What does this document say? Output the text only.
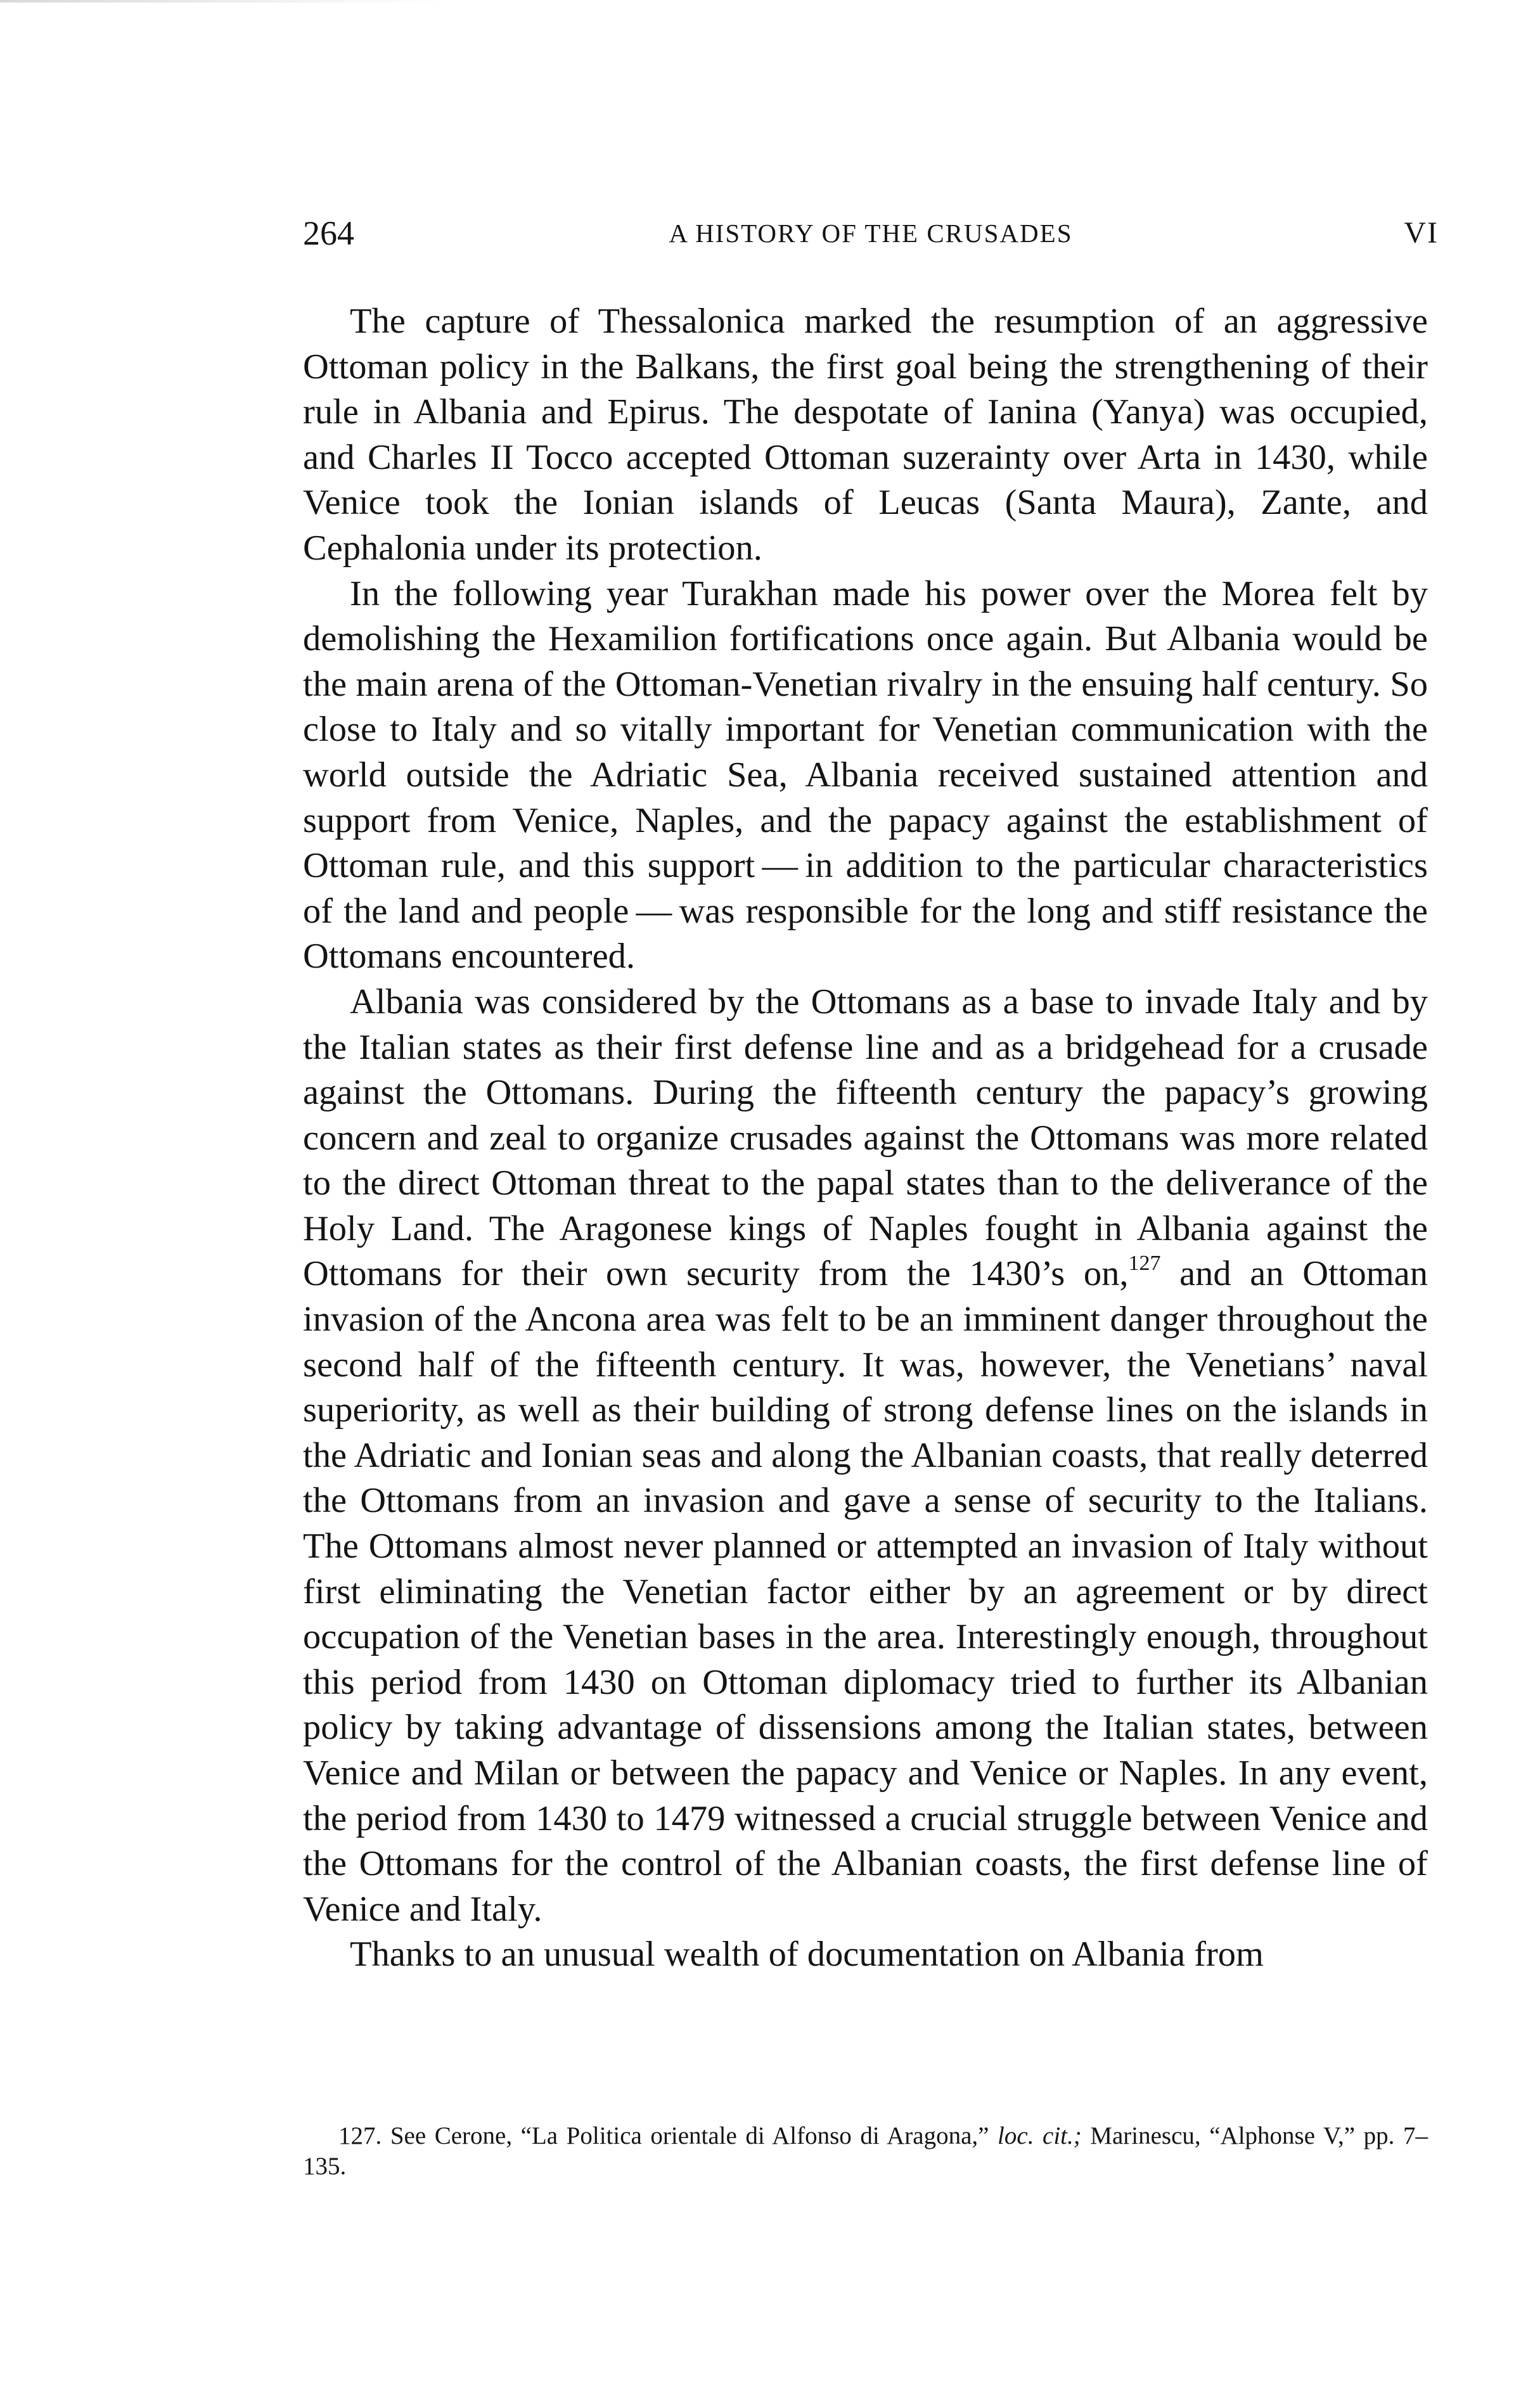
264	A HISTORY OF THE CRUSADES	VI

The capture of Thessalonica marked the resumption of an aggressive Ottoman policy in the Balkans, the first goal being the strengthening of their rule in Albania and Epirus. The despotate of Ianina (Yanya) was occupied, and Charles II Tocco accepted Ottoman suzerainty over Arta in 1430, while Venice took the Ionian islands of Leucas (Santa Maura), Zante, and Cephalonia under its protection.

In the following year Turakhan made his power over the Morea felt by demolishing the Hexamilion fortifications once again. But Albania would be the main arena of the Ottoman-Venetian rivalry in the ensuing half century. So close to Italy and so vitally important for Venetian communication with the world outside the Adriatic Sea, Albania received sustained attention and support from Venice, Naples, and the papacy against the establishment of Ottoman rule, and this support — in addition to the particular characteristics of the land and people — was responsible for the long and stiff resistance the Ottomans encountered.

Albania was considered by the Ottomans as a base to invade Italy and by the Italian states as their first defense line and as a bridgehead for a crusade against the Ottomans. During the fifteenth century the papacy’s growing concern and zeal to organize crusades against the Ottomans was more related to the direct Ottoman threat to the papal states than to the deliverance of the Holy Land. The Aragonese kings of Naples fought in Albania against the Ottomans for their own security from the 1430’s on,$^{127}$ and an Ottoman invasion of the Ancona area was felt to be an imminent danger throughout the second half of the fifteenth century. It was, however, the Venetians’ naval superiority, as well as their building of strong defense lines on the islands in the Adriatic and Ionian seas and along the Albanian coasts, that really deterred the Ottomans from an invasion and gave a sense of security to the Italians. The Ottomans almost never planned or attempted an invasion of Italy without first eliminating the Venetian factor either by an agreement or by direct occupation of the Venetian bases in the area. Interestingly enough, throughout this period from 1430 on Ottoman diplomacy tried to further its Albanian policy by taking advantage of dissensions among the Italian states, between Venice and Milan or between the papacy and Venice or Naples. In any event, the period from 1430 to 1479 witnessed a crucial struggle between Venice and the Ottomans for the control of the Albanian coasts, the first defense line of Venice and Italy.

Thanks to an unusual wealth of documentation on Albania from

127. See Cerone, “La Politica orientale di Alfonso di Aragona,” loc. cit.; Marinescu, “Alphonse V,” pp. 7–135.
